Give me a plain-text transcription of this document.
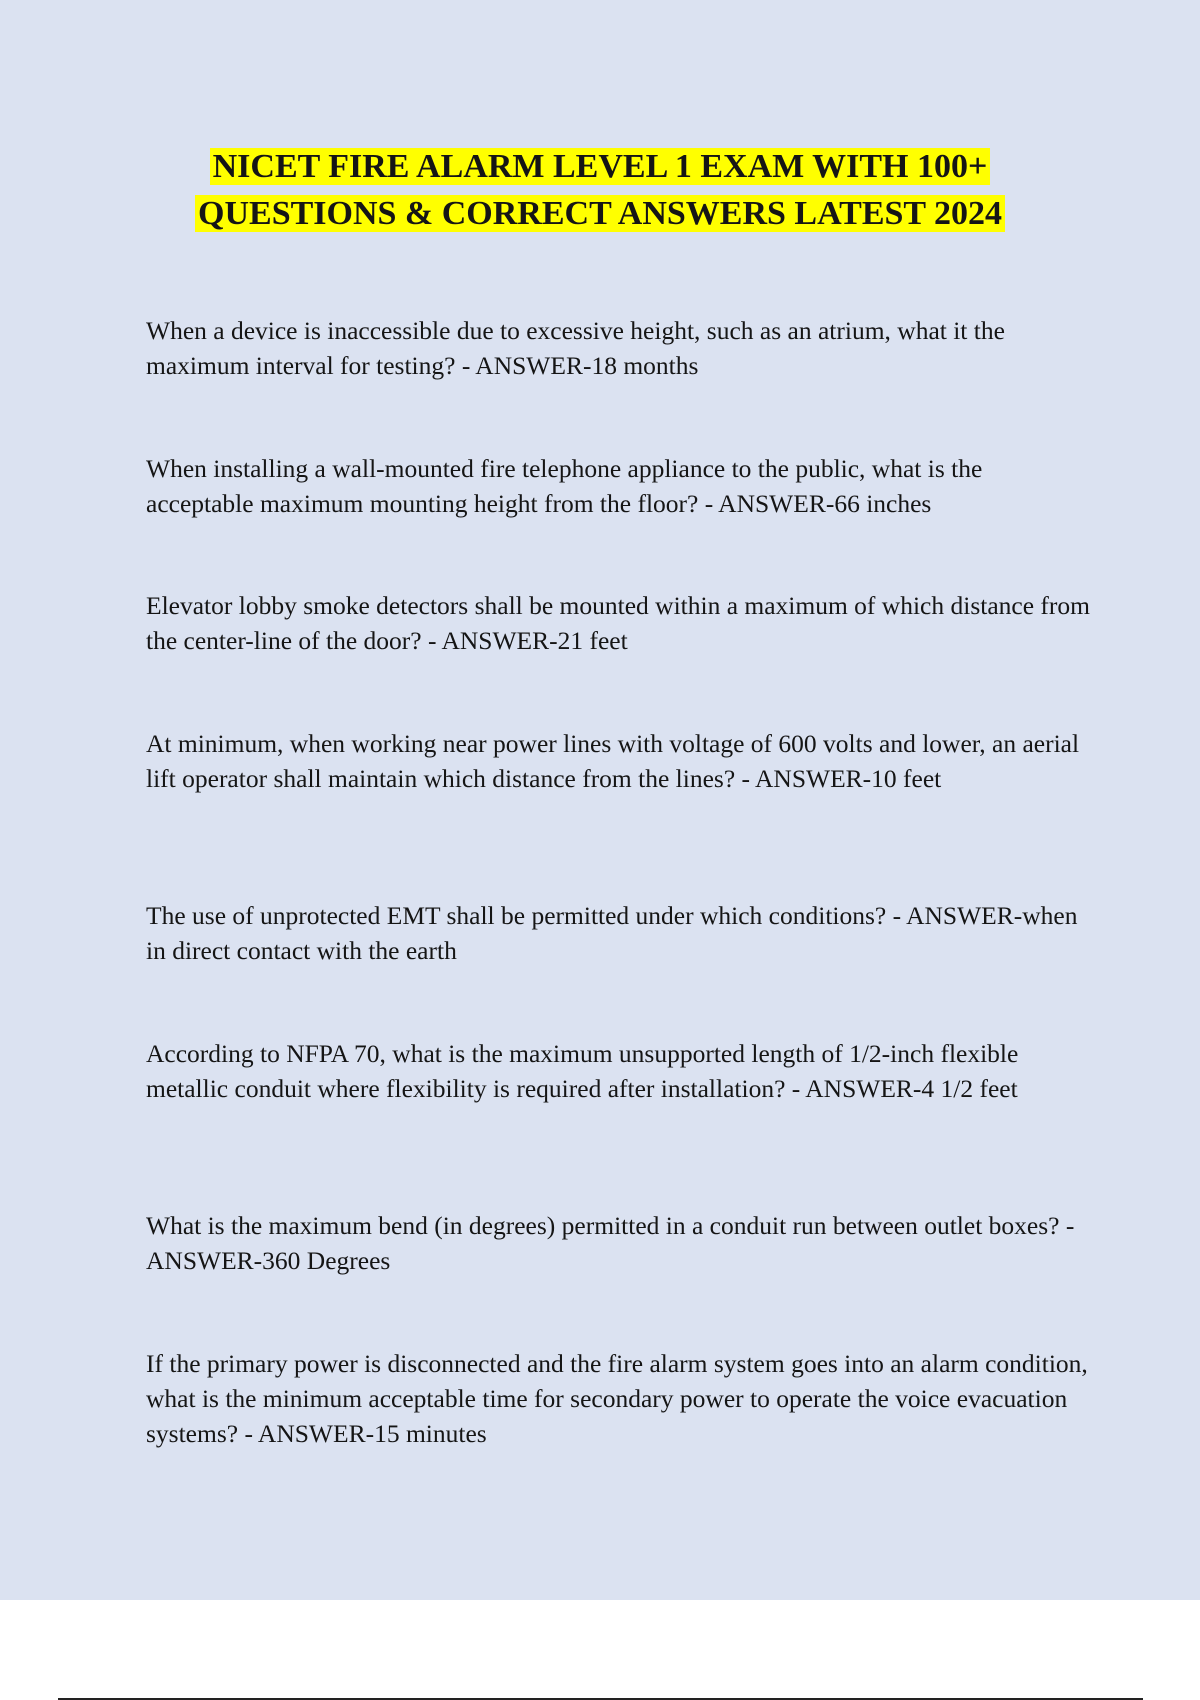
NICET FIRE ALARM LEVEL 1 EXAM WITH 100+
QUESTIONS & CORRECT ANSWERS LATEST 2024

When a device is inaccessible due to excessive height, such as an atrium, what it the maximum interval for testing? - ANSWER-18 months

When installing a wall-mounted fire telephone appliance to the public, what is the acceptable maximum mounting height from the floor? - ANSWER-66 inches

Elevator lobby smoke detectors shall be mounted within a maximum of which distance from the center-line of the door? - ANSWER-21 feet

At minimum, when working near power lines with voltage of 600 volts and lower, an aerial lift operator shall maintain which distance from the lines? - ANSWER-10 feet

The use of unprotected EMT shall be permitted under which conditions? - ANSWER-when in direct contact with the earth

According to NFPA 70, what is the maximum unsupported length of 1/2-inch flexible metallic conduit where flexibility is required after installation? - ANSWER-4 1/2 feet

What is the maximum bend (in degrees) permitted in a conduit run between outlet boxes? - ANSWER-360 Degrees

If the primary power is disconnected and the fire alarm system goes into an alarm condition, what is the minimum acceptable time for secondary power to operate the voice evacuation systems? - ANSWER-15 minutes
